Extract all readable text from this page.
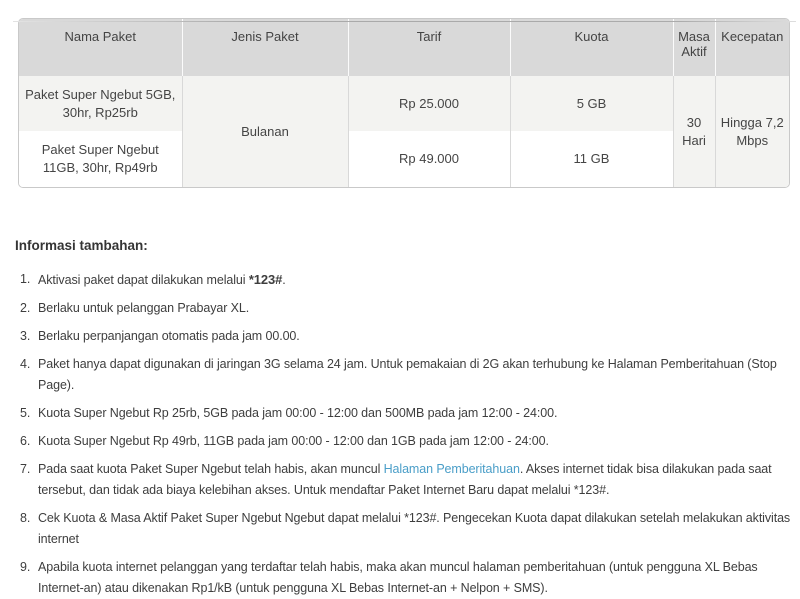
Nama Paket	Jenis Paket	Tarif	Kuota	Masa Aktif	Kecepatan
Paket Super Ngebut 5GB, 30hr, Rp25rb	Bulanan	Rp 25.000	5 GB	30 Hari	Hingga 7,2 Mbps
Paket Super Ngebut 11GB, 30hr, Rp49rb		Rp 49.000	11 GB		
Informasi tambahan:
1. Aktivasi paket dapat dilakukan melalui *123#.
2. Berlaku untuk pelanggan Prabayar XL.
3. Berlaku perpanjangan otomatis pada jam 00.00.
4. Paket hanya dapat digunakan di jaringan 3G selama 24 jam. Untuk pemakaian di 2G akan terhubung ke Halaman Pemberitahuan (Stop Page).
5. Kuota Super Ngebut Rp 25rb, 5GB pada jam 00:00 - 12:00 dan 500MB pada jam 12:00 - 24:00.
6. Kuota Super Ngebut Rp 49rb, 11GB pada jam 00:00 - 12:00 dan 1GB pada jam 12:00 - 24:00.
7. Pada saat kuota Paket Super Ngebut telah habis, akan muncul Halaman Pemberitahuan. Akses internet tidak bisa dilakukan pada saat tersebut, dan tidak ada biaya kelebihan akses. Untuk mendaftar Paket Internet Baru dapat melalui *123#.
8. Cek Kuota & Masa Aktif Paket Super Ngebut Ngebut dapat melalui *123#. Pengecekan Kuota dapat dilakukan setelah melakukan aktivitas internet
9. Apabila kuota internet pelanggan yang terdaftar telah habis, maka akan muncul halaman pemberitahuan (untuk pengguna XL Bebas Internet-an) atau dikenakan Rp1/kB (untuk pengguna XL Bebas Internet-an + Nelpon + SMS).
